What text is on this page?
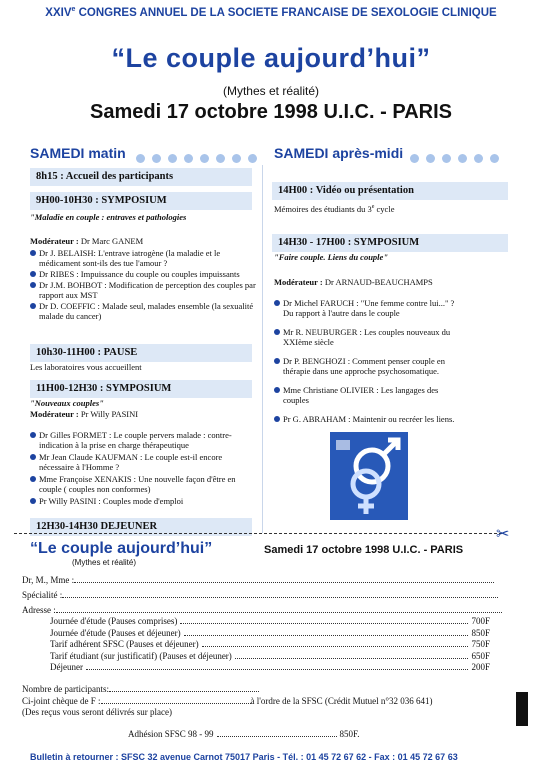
XXIVe CONGRES ANNUEL DE LA SOCIETE FRANCAISE DE SEXOLOGIE CLINIQUE
“Le couple aujourd’hui”
(Mythes et réalité)
Samedi 17 octobre 1998 U.I.C. - PARIS
SAMEDI matin
8h15 : Accueil des participants
9H00-10H30 : SYMPOSIUM
"Maladie en couple : entraves et pathologies
Modérateur : Dr Marc GANEM
Dr J. BELAISH: L'entrave iatrogène (la maladie et le médicament sont-ils des tue l'amour ?
Dr RIBES : Impuissance du couple ou couples impuissants
Dr J.M. BOHBOT : Modification de perception des couples par rapport aux MST
Dr D. COEFFIC : Malade seul, malades ensemble (la sexualité malade du cancer)
10h30-11H00 : PAUSE
Les laboratoires vous accueillent
11H00-12H30 : SYMPOSIUM
"Nouveaux couples"
Modérateur : Pr Willy PASINI
Dr Gilles FORMET : Le couple pervers malade : contre-indication à la prise en charge thérapeutique
Mr Jean Claude KAUFMAN : Le couple est-il encore nécessaire à l'Homme ?
Mme Françoise XENAKIS : Une nouvelle façon d'être en couple ( couples non conformes)
Pr Willy PASINI : Couples mode d'emploi
12H30-14H30 DEJEUNER
SAMEDI après-midi
14H00 : Vidéo ou présentation
Mémoires des étudiants du 3e cycle
14H30 - 17H00 : SYMPOSIUM
"Faire couple. Liens du couple"
Modérateur : Dr ARNAUD-BEAUCHAMPS
Dr Michel FARUCH : "Une femme contre lui..." ? Du rapport à l'autre dans le couple
Mr R. NEUBURGER : Les couples nouveaux du XXIème siècle
Dr P. BENGHOZI : Comment penser couple en thérapie dans une approche psychosomatique.
Mme Christiane OLIVIER : Les langages des couples
Pr G. ABRAHAM : Maintenir ou recréer les liens.
✂
“Le couple aujourd’hui”
(Mythes et réalité)
Samedi 17 octobre 1998 U.I.C. - PARIS
Dr, M., Mme :
Spécialité :
Adresse :
Journée d'étude (Pauses comprises)	700F
Journée d'étude (Pauses et déjeuner)	850F
Tarif adhérent SFSC (Pauses et déjeuner)	750F
Tarif étudiant (sur justificatif) (Pauses et déjeuner)	650F
Déjeuner	200F
Nombre de participants:
Ci-joint chèque de F :	à l'ordre de la SFSC (Crédit Mutuel n°32 036 641)
(Des reçus vous seront délivrés sur place)
Adhésion SFSC 98 - 99	850F.
Bulletin à retourner : SFSC 32 avenue Carnot 75017 Paris - Tél. : 01 45 72 67 62 - Fax : 01 45 72 67 63
